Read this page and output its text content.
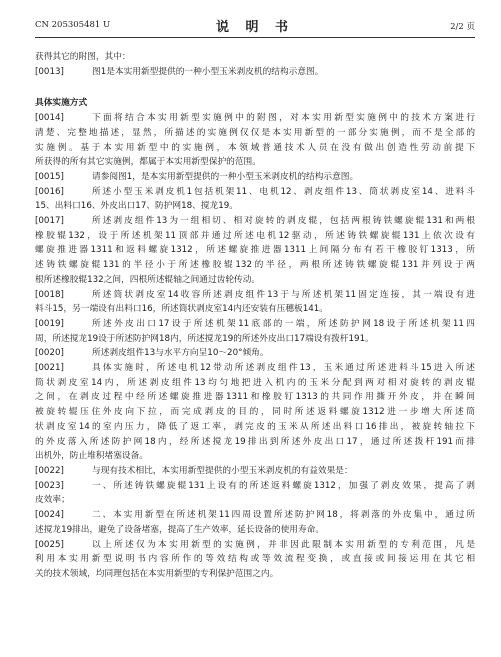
CN 205305481 U	说 明 书	2/2 页
获得其它的附图，其中：
[0013]	图1是本实用新型提供的一种小型玉米剥皮机的结构示意图。
具体实施方式
[0014]	下面将结合本实用新型实施例中的附图，对本实用新型实施例中的技术方案进行
清楚、完整地描述，显然，所描述的实施例仅仅是本实用新型的一部分实施例，而不是全部的
实施例。基于本实用新型中的实施例，本领域普通技术人员在没有做出创造性劳动前提下
所获得的所有其它实施例，都属于本实用新型保护的范围。
[0015]	请参阅图1，是本实用新型提供的一种小型玉米剥皮机的结构示意图。
[0016]	所述小型玉米剥皮机1包括机架11、电机12、剥皮组件13、筒状剥皮室14、进料斗
15、出料口16、外皮出口17、防护网18、搅龙19。
[0017]	所述剥皮组件13为一组相切、相对旋转的剥皮辊，包括两根铸铁螺旋辊131和两根
橡胶辊132，设于所述机架11顶部并通过所述电机12驱动，所述铸铁螺旋辊131上依次设有
螺旋推进器1311和返料螺旋1312，所述螺旋推进器1311上间隔分布有若干橡胶钉1313，所
述铸铁螺旋辊131的半径小于所述橡胶辊132的半径，两根所述铸铁螺旋辊131并列设于两
根所述橡胶辊132之间，四根所述辊轴之间通过齿轮传动。
[0018]	所述筒状剥皮室14收容所述剥皮组件13于与所述机架11固定连接，其一端设有进
料斗15，另一端设有出料口16，所述筒状剥皮室14内还安装有压穗板141。
[0019]	所述外皮出口17设于所述机架11底部的一端，所述防护网18设于所述机架11四
周，所述搅龙19设于所述防护网18内，所述搅龙19的所述外皮出口17端设有拨杆191。
[0020]	所述剥皮组件13与水平方向呈10～20°倾角。
[0021]	具体实施时，所述电机12带动所述剥皮组件13，玉米通过所述进料斗15进入所述
筒状剥皮室14内，所述剥皮组件13均匀地把进入机内的玉米分配到两对相对旋转的剥皮辊
之间，在剥皮过程中经所述螺旋推进器1311和橡胶钉1313的共同作用撕开外皮，并在瞬间
被旋转辊压住外皮向下拉，而完成剥皮的目的，同时所述返料螺旋1312进一步增大所述筒
状剥皮室14的室内压力，降低了返工率，剥完皮的玉米从所述出料口16排出，被旋转轴拉下
的外皮落入所述防护网18内，经所述搅龙19排出到所述外皮出口17，通过所述拨杆191而排
出机外，防止堆积堵塞设备。
[0022]	与现有技术相比，本实用新型提供的小型玉米剥皮机的有益效果是：
[0023]	一、所述铸铁螺旋辊131上设有的所述返料螺旋1312，加强了剥皮效果，提高了剥
皮效率；
[0024]	二、本实用新型在所述机架11四周设置所述防护网18，将剥落的外皮集中，通过所
述搅龙19排出，避免了设备堵塞，提高了生产效率，延长设备的使用寿命。
[0025]	以上所述仅为本实用新型的实施例，并非因此限制本实用新型的专利范围，凡是
利用本实用新型说明书内容所作的等效结构或等效流程变换，或直接或间接运用在其它相
关的技术领域，均同理包括在本实用新型的专利保护范围之内。
